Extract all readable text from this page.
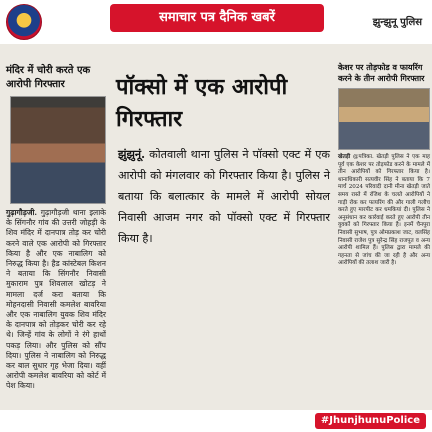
समाचार पत्र दैनिक खबरें	झुन्झुनू पुलिस
मंदिर में चोरी करते एक आरोपी गिरफ्तार
गुढ़ागौड़जी. गुढ़ागौड़जी थाना इलाके के सिंगनौर गांव की उत्तरी जोहड़ी के शिव मंदिर में दानपात्र तोड़ कर चोरी करने वाले एक आरोपी को गिरफ्तार किया है और एक नाबालिग को निरुद्ध किया है। हैड कांस्टेबल किशन ने बताया कि सिंगनौर निवासी मुकाराम पुत्र शिवलाल खोटड़ ने मामला दर्ज करा बताया कि मोहनदासी निवासी कमलेश बावरिया और एक नाबालिग युवक शिव मंदिर के दानपात्र को तोड़कर चोरी कर रहे थे। जिन्हें गांव के लोगों ने रंगे हाथों पकड़ लिया। और पुलिस को सौंप दिया। पुलिस ने नाबालिग को निरुद्ध कर बाल सुधार गृह भेजा दिया। वहीं आरोपी कमलेश बावरिया को कोर्ट में पेश किया।
पॉक्सो में एक आरोपी गिरफ्तार
झुंझुनूं. कोतवाली थाना पुलिस ने पॉक्सो एक्ट में एक आरोपी को मंगलवार को गिरफ्तार किया है। पुलिस ने बताया कि बलात्कार के मामले में आरोपी सोयल निवासी आजम नगर को पॉक्सो एक्ट में गिरफ्तार किया है।
केशर पर तोड़फोड व फायरिंग करने के तीन आरोपी गिरफ्तार
खेतड़ी @पत्रिका. खेतड़ी पुलिस ने एक माह पूर्व एक केशर पर तोड़फोड करने के मामले में तीन आरोपियों को गिरफ्तार किया है। थानाधिकारी सत्यवीर सिंह ने बताया कि 7 मार्च 2024 परिवादी दानी मीना खेतड़ी जाते समय रास्ते में रंजिश के चलते आरोपियों ने गाड़ी रोक कर फायरिंग की और गाली गलौच करते हुए मारपीट कर धमकियां दी। पुलिस ने अनुसंधान कर कार्रवाई करते हुए आरोपी तीन युवकों को गिरफ्तार किया है। इनमें चैनपुरा निवासी सुभाष, पुत्र ओमप्रकाश जाट, वलसिंह निवासी राजेश पुत्र सुरेन्द्र सिंह राजपूत व अन्य आरोपी शामिल हैं। पुलिस द्वारा मामले की गहनता से जांच की जा रही है और अन्य आरोपियों की तलाश जारी है।
#JhunjhunuPolice
